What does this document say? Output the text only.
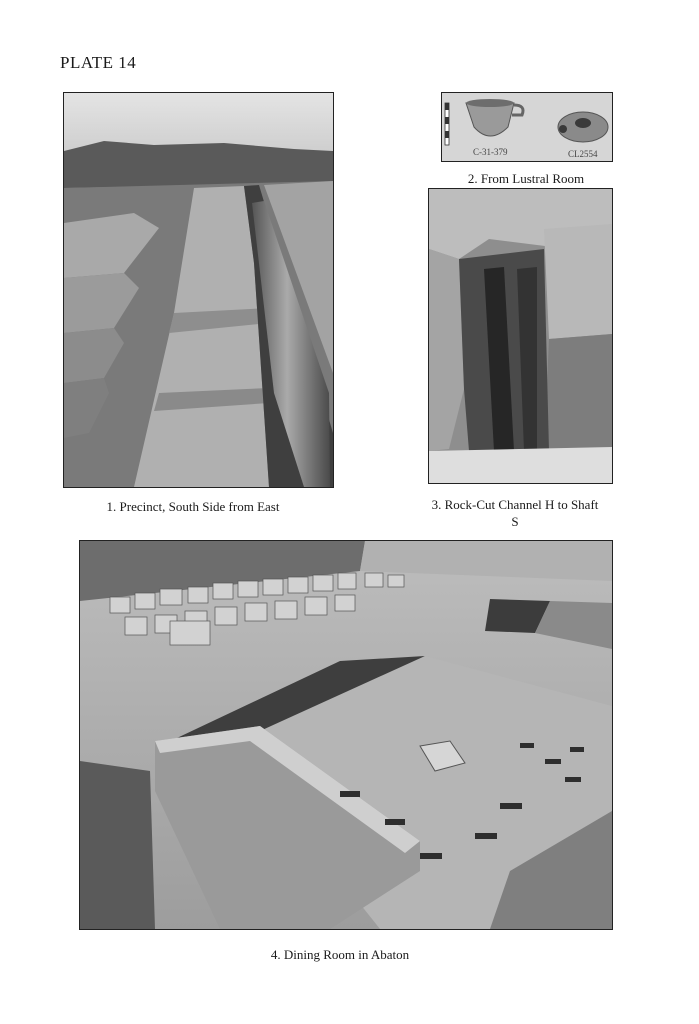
PLATE 14
C-31-379	CL2554
2. From Lustral Room
1. Precinct, South Side from East	3. Rock-Cut Channel H to Shaft S
4. Dining Room in Abaton
